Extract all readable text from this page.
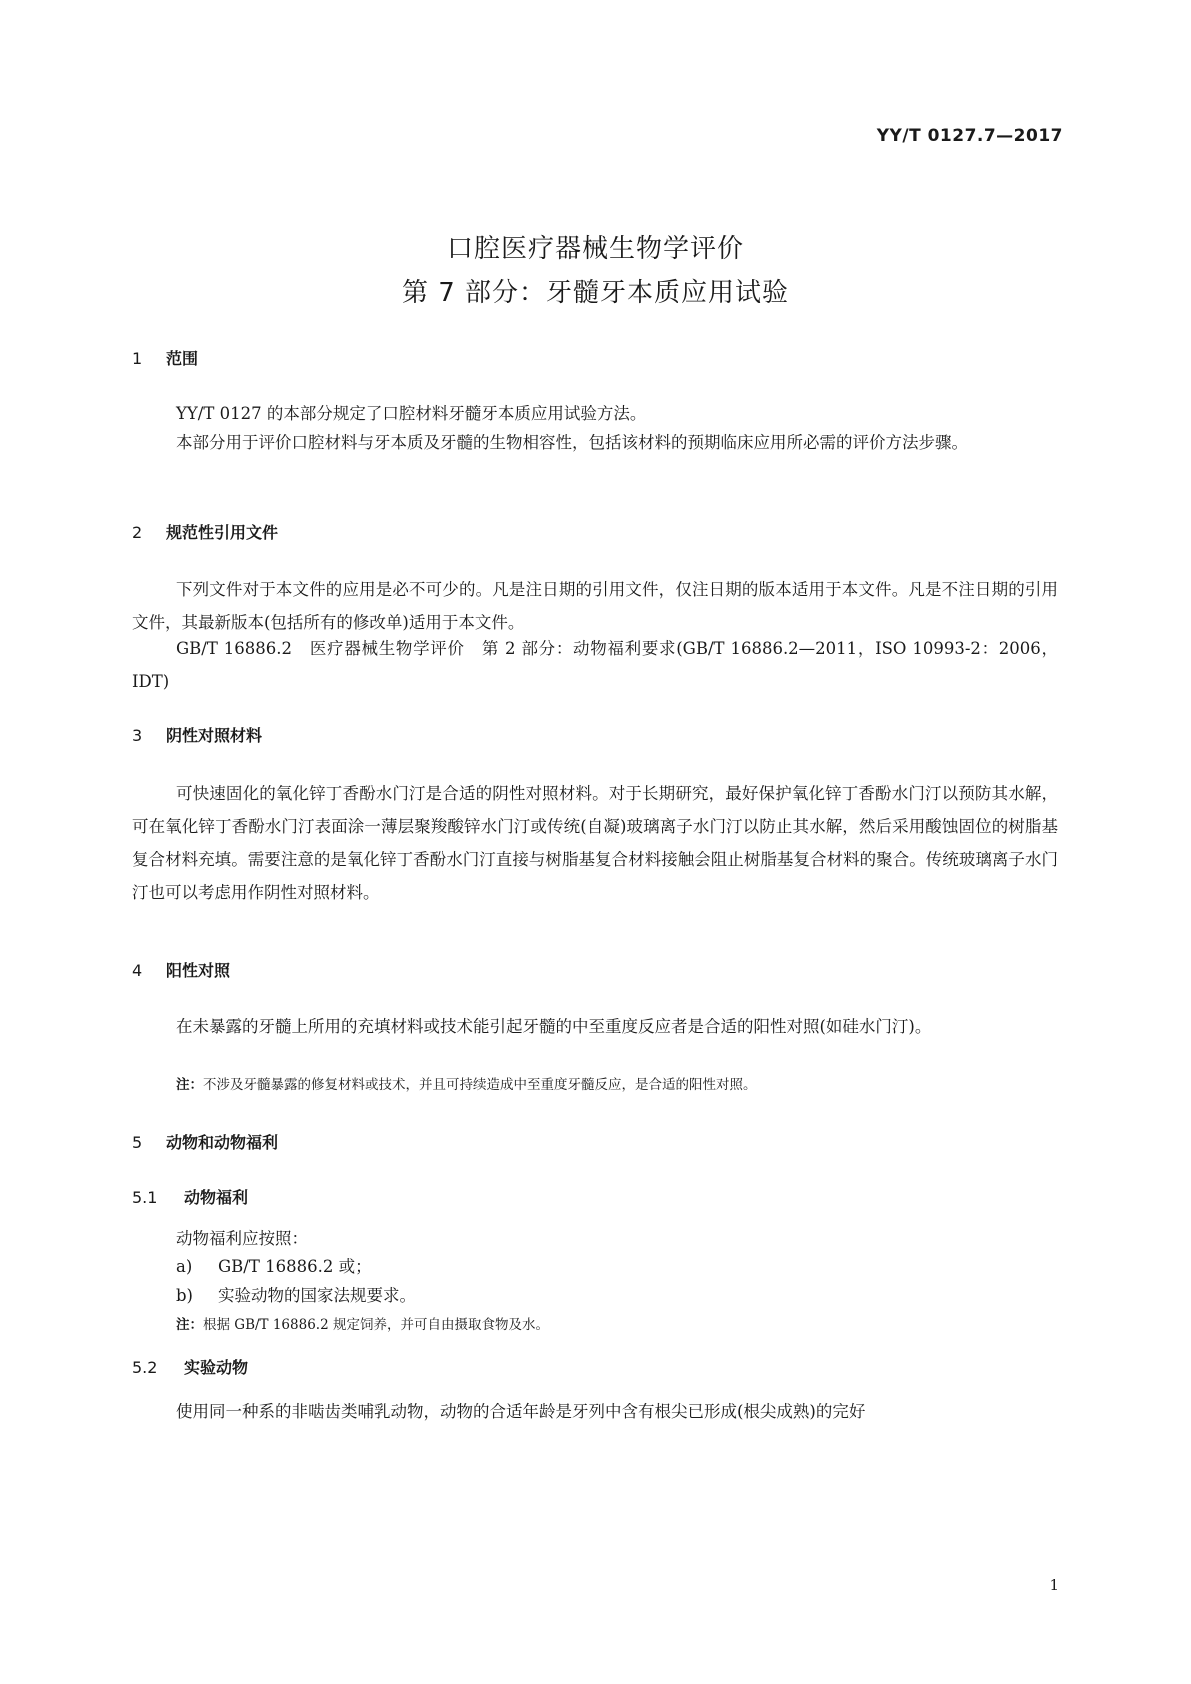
YY/T 0127.7—2017
口腔医疗器械生物学评价
第 7 部分：牙髓牙本质应用试验
1 范围

YY/T 0127 的本部分规定了口腔材料牙髓牙本质应用试验方法。

本部分用于评价口腔材料与牙本质及牙髓的生物相容性，包括该材料的预期临床应用所必需的评价方法步骤。

2 规范性引用文件

下列文件对于本文件的应用是必不可少的。凡是注日期的引用文件，仅注日期的版本适用于本文件。凡是不注日期的引用文件，其最新版本(包括所有的修改单)适用于本文件。

GB/T 16886.2　医疗器械生物学评价　第 2 部分：动物福利要求(GB/T 16886.2—2011，ISO 10993-2：2006，IDT)

3 阴性对照材料

可快速固化的氧化锌丁香酚水门汀是合适的阴性对照材料。对于长期研究，最好保护氧化锌丁香酚水门汀以预防其水解，可在氧化锌丁香酚水门汀表面涂一薄层聚羧酸锌水门汀或传统(自凝)玻璃离子水门汀以防止其水解，然后采用酸蚀固位的树脂基复合材料充填。需要注意的是氧化锌丁香酚水门汀直接与树脂基复合材料接触会阻止树脂基复合材料的聚合。传统玻璃离子水门汀也可以考虑用作阴性对照材料。

4 阳性对照

在未暴露的牙髓上所用的充填材料或技术能引起牙髓的中至重度反应者是合适的阳性对照(如硅水门汀)。

注：不涉及牙髓暴露的修复材料或技术，并且可持续造成中至重度牙髓反应，是合适的阳性对照。
5 动物和动物福利
5.1 动物福利
动物福利应按照：
a) GB/T 16886.2 或；
b) 实验动物的国家法规要求。
注：根据 GB/T 16886.2 规定饲养，并可自由摄取食物及水。
5.2 实验动物

使用同一种系的非啮齿类哺乳动物，动物的合适年龄是牙列中含有根尖已形成(根尖成熟)的完好

1
